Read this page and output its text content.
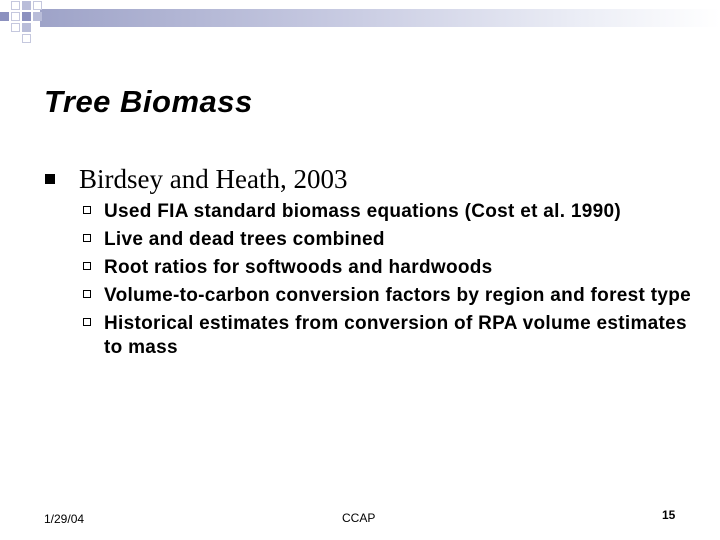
Tree Biomass
Birdsey and Heath, 2003
Used FIA standard biomass equations (Cost et al. 1990)
Live and dead trees combined
Root ratios for softwoods and hardwoods
Volume-to-carbon conversion factors by region and forest type
Historical estimates from conversion of RPA volume estimates to mass
1/29/04	CCAP	15
